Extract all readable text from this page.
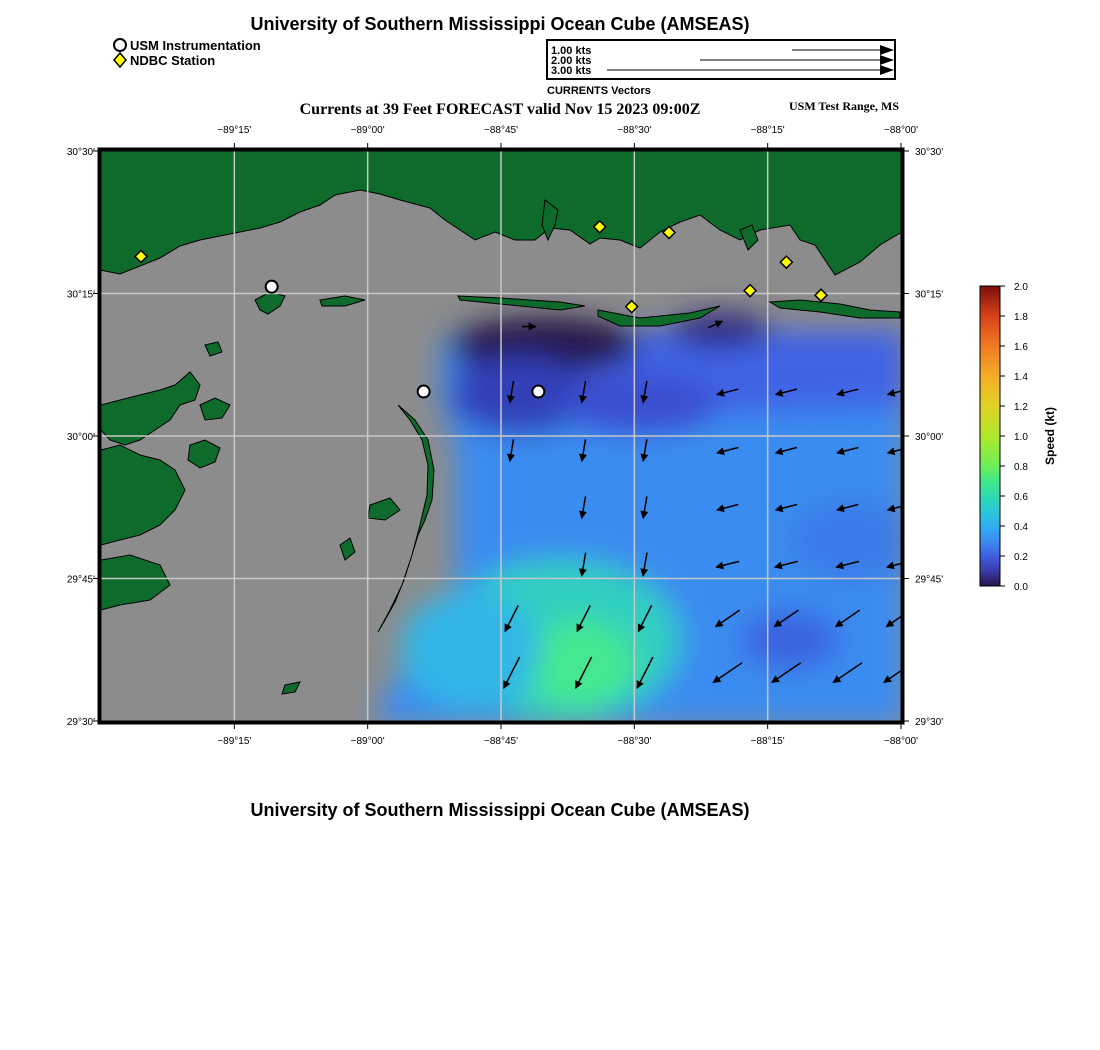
University of Southern Mississippi Ocean Cube (AMSEAS)
Currents at 39 Feet FORECAST valid Nov 15 2023 09:00Z	USM Test Range, MS
USM Instrumentation
NDBC Station
1.00 kts
2.00 kts
3.00 kts
CURRENTS Vectors
−89°15'
−89°15'
−89°00'
−89°00'
−88°45'
−88°45'
−88°30'
−88°30'
−88°15'
−88°15'
−88°00'
−88°00'
30°30'	30°30'
30°15'	30°15'
30°00'	30°00'
29°45'	29°45'
29°30'	29°30'
0.0
0.2
0.4
0.6
0.8
1.0
1.2
1.4
1.6
1.8
2.0
Speed (kt)
University of Southern Mississippi Ocean Cube (AMSEAS)
